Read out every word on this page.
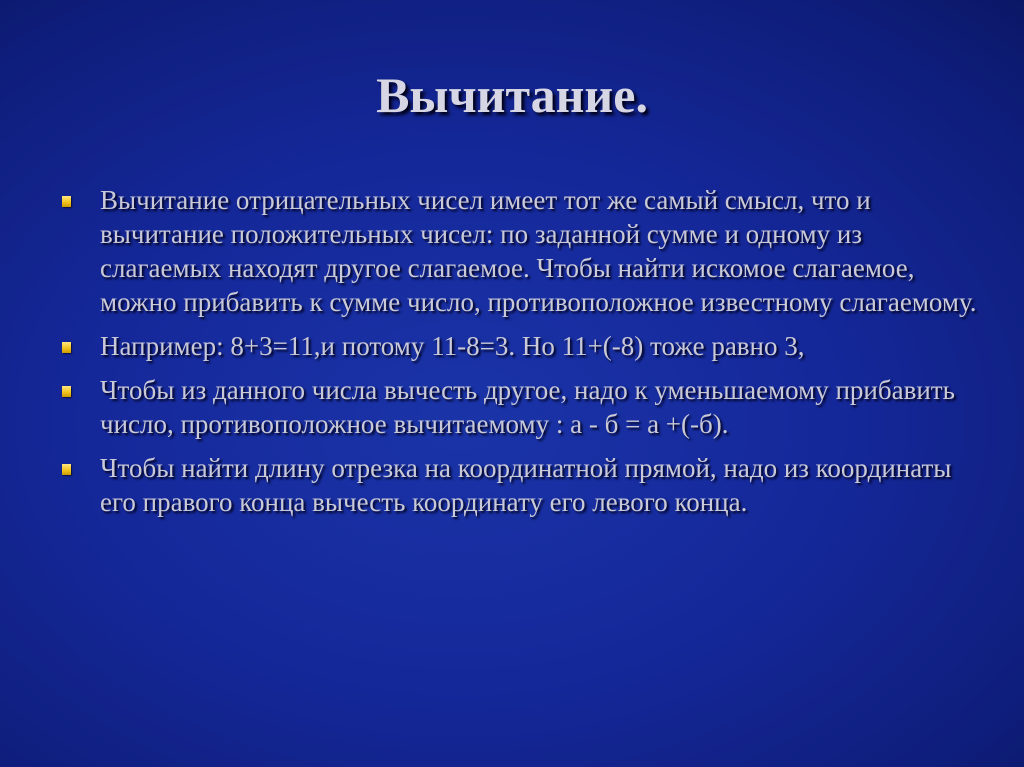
Вычитание.
Вычитание отрицательных чисел имеет тот же самый смысл, что и вычитание положительных чисел: по заданной сумме и одному из слагаемых находят другое слагаемое. Чтобы найти искомое слагаемое, можно прибавить к сумме число, противоположное известному слагаемому.
Например: 8+3=11,и потому 11-8=3. Но 11+(-8) тоже равно 3,
Чтобы из данного числа вычесть другое, надо к уменьшаемому прибавить число, противоположное вычитаемому : а - б = а +(-б).
Чтобы найти длину отрезка на координатной прямой, надо из координаты его правого конца вычесть координату его левого конца.
